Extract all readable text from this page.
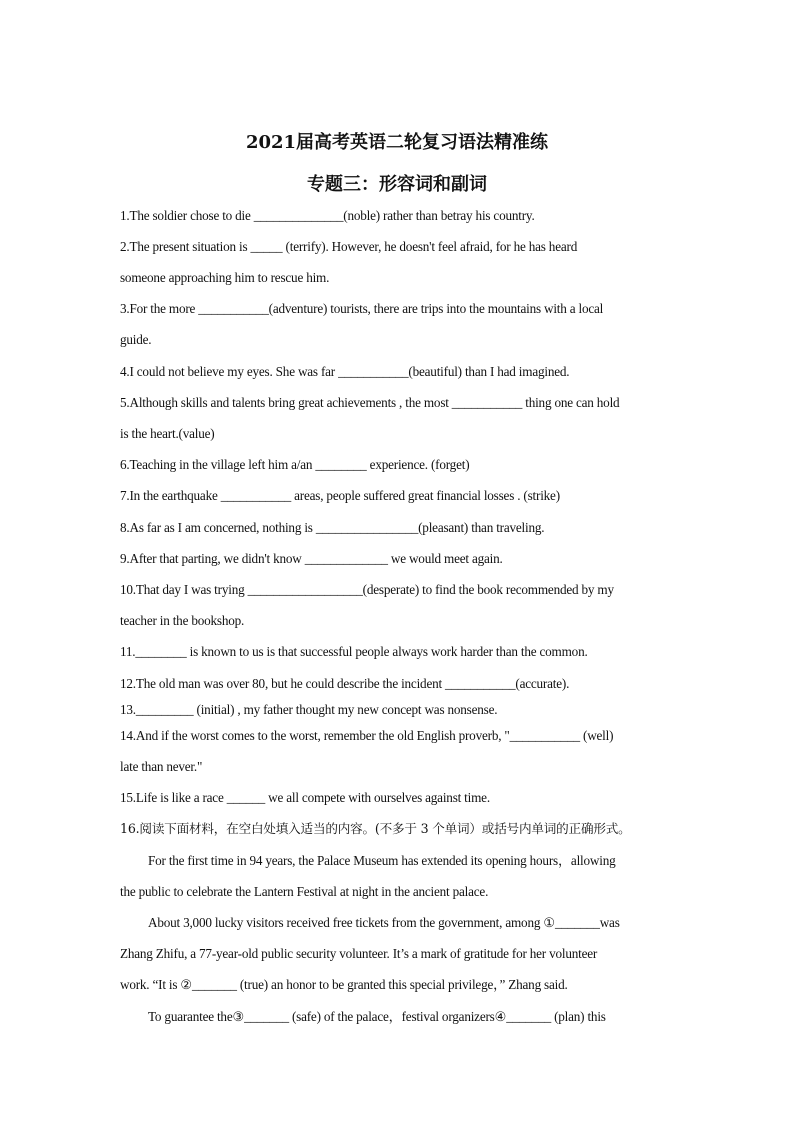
2021届高考英语二轮复习语法精准练
专题三：形容词和副词
1.The soldier chose to die ______________(noble) rather than betray his country.
2.The present situation is _____ (terrify). However, he doesn't feel afraid, for he has heard
someone approaching him to rescue him.
3.For the more ___________(adventure) tourists, there are trips into the mountains with a local
guide.
4.I could not believe my eyes. She was far ___________(beautiful) than I had imagined.
5.Although skills and talents bring great achievements , the most ___________ thing one can hold
is the heart.(value)
6.Teaching in the village left him a/an ________ experience. (forget)
7.In the earthquake ___________ areas, people suffered great financial losses . (strike)
8.As far as I am concerned, nothing is ________________(pleasant) than traveling.
9.After that parting, we didn't know _____________ we would meet again.
10.That day I was trying __________________(desperate) to find the book recommended by my
teacher in the bookshop.
11.________ is known to us is that successful people always work harder than the common.
12.The old man was over 80, but he could describe the incident ___________(accurate).
13._________ (initial) , my father thought my new concept was nonsense.
14.And if the worst comes to the worst, remember the old English proverb, "___________ (well)
late than never."
15.Life is like a race ______ we all compete with ourselves against time.
16.阅读下面材料，在空白处填入适当的内容。(不多于 3 个单词）或括号内单词的正确形式。
For the first time in 94 years, the Palace Museum has extended its opening hours，allowing
the public to celebrate the Lantern Festival at night in the ancient palace.
About 3,000 lucky visitors received free tickets from the government, among ①_______was
Zhang Zhifu, a 77-year-old public security volunteer. It’s a mark of gratitude for her volunteer
work. “It is ②_______ (true) an honor to be granted this special privilege，” Zhang said.
To guarantee the③_______ (safe) of the palace，festival organizers④_______ (plan) this
